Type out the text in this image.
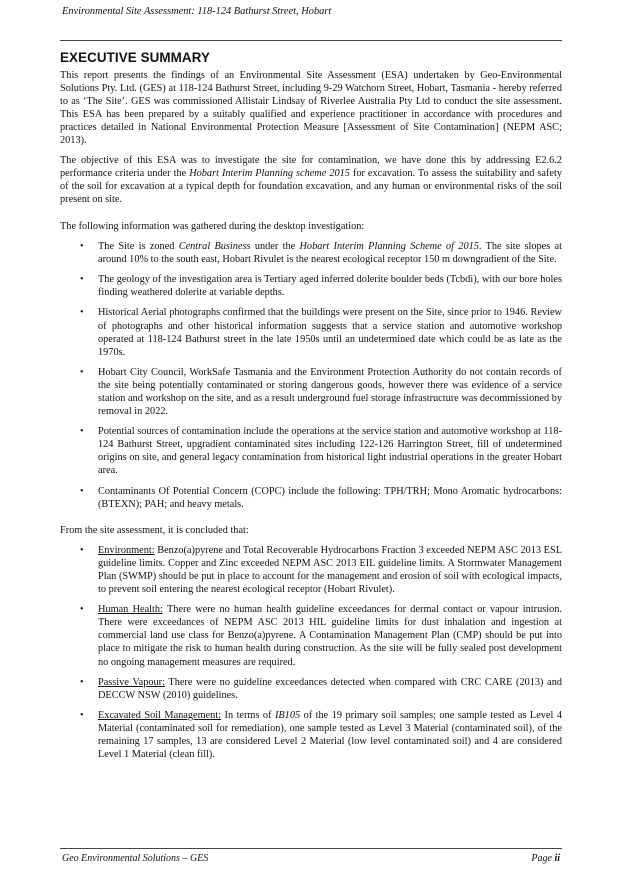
Environmental Site Assessment: 118-124 Bathurst Street, Hobart
EXECUTIVE SUMMARY

This report presents the findings of an Environmental Site Assessment (ESA) undertaken by Geo-Environmental Solutions Pty. Ltd. (GES) at 118-124 Bathurst Street, including 9-29 Watchorn Street, Hobart, Tasmania - hereby referred to as ‘The Site’. GES was commissioned Allistair Lindsay of Riverlee Australia Pty Ltd to conduct the site assessment. This ESA has been prepared by a suitably qualified and experience practitioner in accordance with procedures and practices detailed in National Environmental Protection Measure [Assessment of Site Contamination] (NEPM ASC; 2013).

The objective of this ESA was to investigate the site for contamination, we have done this by addressing E2.6.2 performance criteria under the Hobart Interim Planning scheme 2015 for excavation. To assess the suitability and safety of the soil for excavation at a typical depth for foundation excavation, and any human or environmental risks of the soil present on site.

The following information was gathered during the desktop investigation:

• The Site is zoned Central Business under the Hobart Interim Planning Scheme of 2015. The site slopes at around 10% to the south east, Hobart Rivulet is the nearest ecological receptor 150 m downgradient of the Site.
• The geology of the investigation area is Tertiary aged inferred dolerite boulder beds (Tcbdi), with our bore holes finding weathered dolerite at variable depths.
• Historical Aerial photographs confirmed that the buildings were present on the Site, since prior to 1946. Review of photographs and other historical information suggests that a service station and automotive workshop operated at 118-124 Bathurst street in the late 1950s until an undetermined date which could be as late as the 1970s.
• Hobart City Council, WorkSafe Tasmania and the Environment Protection Authority do not contain records of the site being potentially contaminated or storing dangerous goods, however there was evidence of a service station and workshop on the site, and as a result underground fuel storage infrastructure was decommissioned by removal in 2022.
• Potential sources of contamination include the operations at the service station and automotive workshop at 118-124 Bathurst Street, upgradient contaminated sites including 122-126 Harrington Street, fill of undetermined origins on site, and general legacy contamination from historical light industrial operations in the greater Hobart area.
• Contaminants Of Potential Concern (COPC) include the following: TPH/TRH; Mono Aromatic hydrocarbons: (BTEXN); PAH; and heavy metals.

From the site assessment, it is concluded that:

• Environment: Benzo(a)pyrene and Total Recoverable Hydrocarbons Fraction 3 exceeded NEPM ASC 2013 ESL guideline limits. Copper and Zinc exceeded NEPM ASC 2013 EIL guideline limits. A Stormwater Management Plan (SWMP) should be put in place to account for the management and erosion of soil with ecological impacts, to prevent soil entering the nearest ecological receptor (Hobart Rivulet).
• Human Health: There were no human health guideline exceedances for dermal contact or vapour intrusion. There were exceedances of NEPM ASC 2013 HIL guideline limits for dust inhalation and ingestion at commercial land use class for Benzo(a)pyrene. A Contamination Management Plan (CMP) should be put into place to mitigate the risk to human health during construction. As the site will be fully sealed post development no ongoing management measures are required.
• Passive Vapour: There were no guideline exceedances detected when compared with CRC CARE (2013) and DECCW NSW (2010) guidelines.
• Excavated Soil Management: In terms of IB105 of the 19 primary soil samples; one sample tested as Level 4 Material (contaminated soil for remediation), one sample tested as Level 3 Material (contaminated soil), of the remaining 17 samples, 13 are considered Level 2 Material (low level contaminated soil) and 4 are considered Level 1 Material (clean fill).
Geo Environmental Solutions – GES	Page ii
